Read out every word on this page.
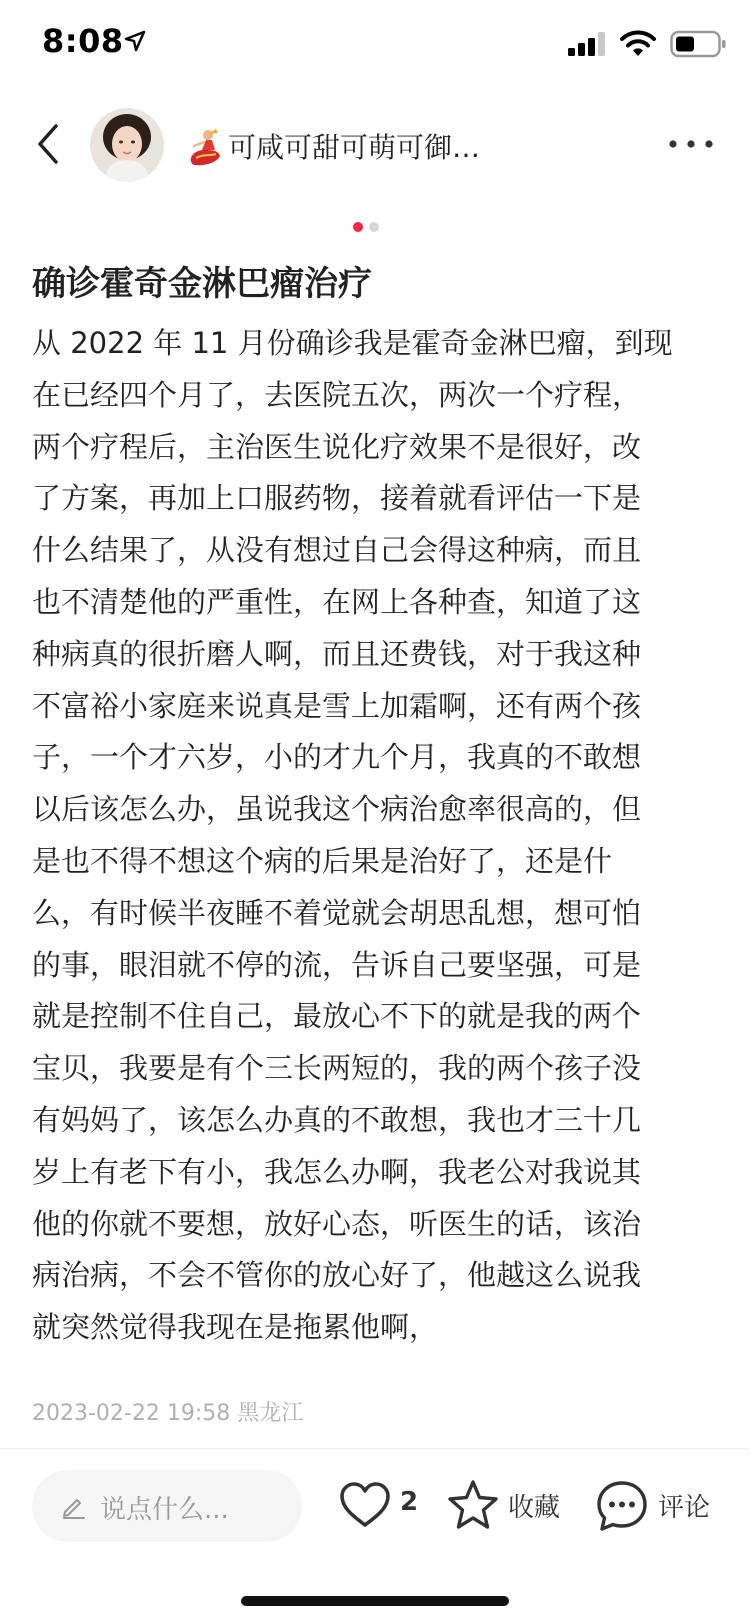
8:08
可咸可甜可萌可御…
确诊霍奇金淋巴瘤治疗
从 2022 年 11 月份确诊我是霍奇金淋巴瘤，到现
在已经四个月了，去医院五次，两次一个疗程，
两个疗程后，主治医生说化疗效果不是很好，改
了方案，再加上口服药物，接着就看评估一下是
什么结果了，从没有想过自己会得这种病，而且
也不清楚他的严重性，在网上各种查，知道了这
种病真的很折磨人啊，而且还费钱，对于我这种
不富裕小家庭来说真是雪上加霜啊，还有两个孩
子，一个才六岁，小的才九个月，我真的不敢想
以后该怎么办，虽说我这个病治愈率很高的，但
是也不得不想这个病的后果是治好了，还是什
么，有时候半夜睡不着觉就会胡思乱想，想可怕
的事，眼泪就不停的流，告诉自己要坚强，可是
就是控制不住自己，最放心不下的就是我的两个
宝贝，我要是有个三长两短的，我的两个孩子没
有妈妈了，该怎么办真的不敢想，我也才三十几
岁上有老下有小，我怎么办啊，我老公对我说其
他的你就不要想，放好心态，听医生的话，该治
病治病，不会不管你的放心好了，他越这么说我
就突然觉得我现在是拖累他啊，
2023-02-22 19:58 黑龙江
说点什么...	2	收藏	评论
